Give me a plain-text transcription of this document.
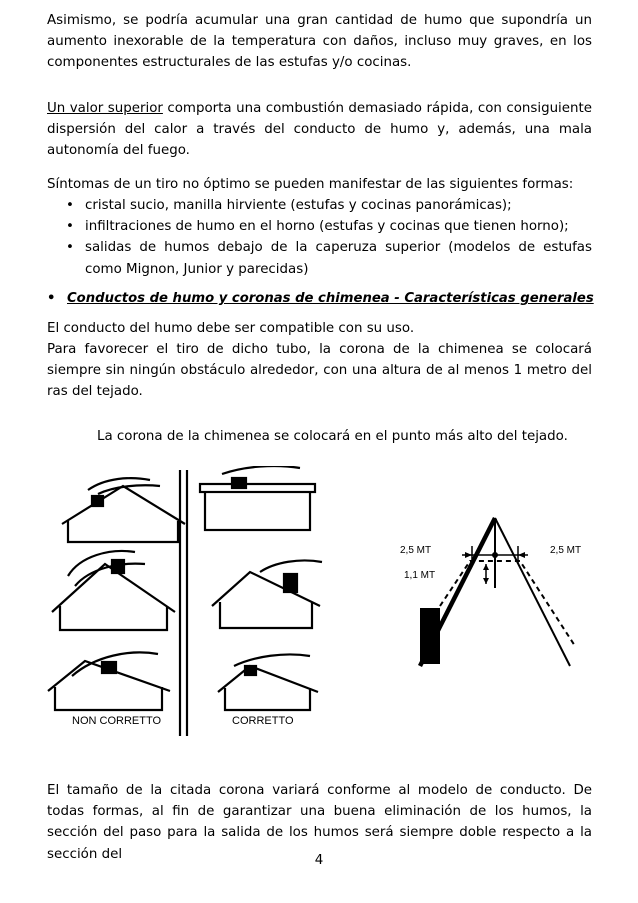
Asimismo, se podría acumular una gran cantidad de humo que supondría un aumento inexorable de la temperatura con daños, incluso muy graves, en los componentes estructurales de las estufas y/o cocinas.

Un valor superior comporta una combustión demasiado rápida, con consiguiente dispersión del calor a través del conducto de humo y, además, una mala autonomía del fuego.

Síntomas de un tiro no óptimo se pueden manifestar de las siguientes formas:

• cristal sucio, manilla hirviente (estufas y cocinas panorámicas);
• infiltraciones de humo en el horno (estufas y cocinas que tienen horno);
• salidas de humos debajo de la caperuza superior (modelos de estufas como Mignon, Junior y parecidas)
• Conductos de humo y coronas de chimenea - Características generales

El conducto del humo debe ser compatible con su uso.

Para favorecer el tiro de dicho tubo, la corona de la chimenea se colocará siempre sin ningún obstáculo alrededor, con una altura de al menos 1 metro del ras del tejado.

La corona de la chimenea se colocará en el punto más alto del tejado.
NON CORRETTO	CORRETTO
2,5 MT	2,5 MT
1,1 MT

El tamaño de la citada corona variará conforme al modelo de conducto. De todas formas, al fin de garantizar una buena eliminación de los humos, la sección del paso para la salida de los humos será siempre doble respecto a la sección del	4
